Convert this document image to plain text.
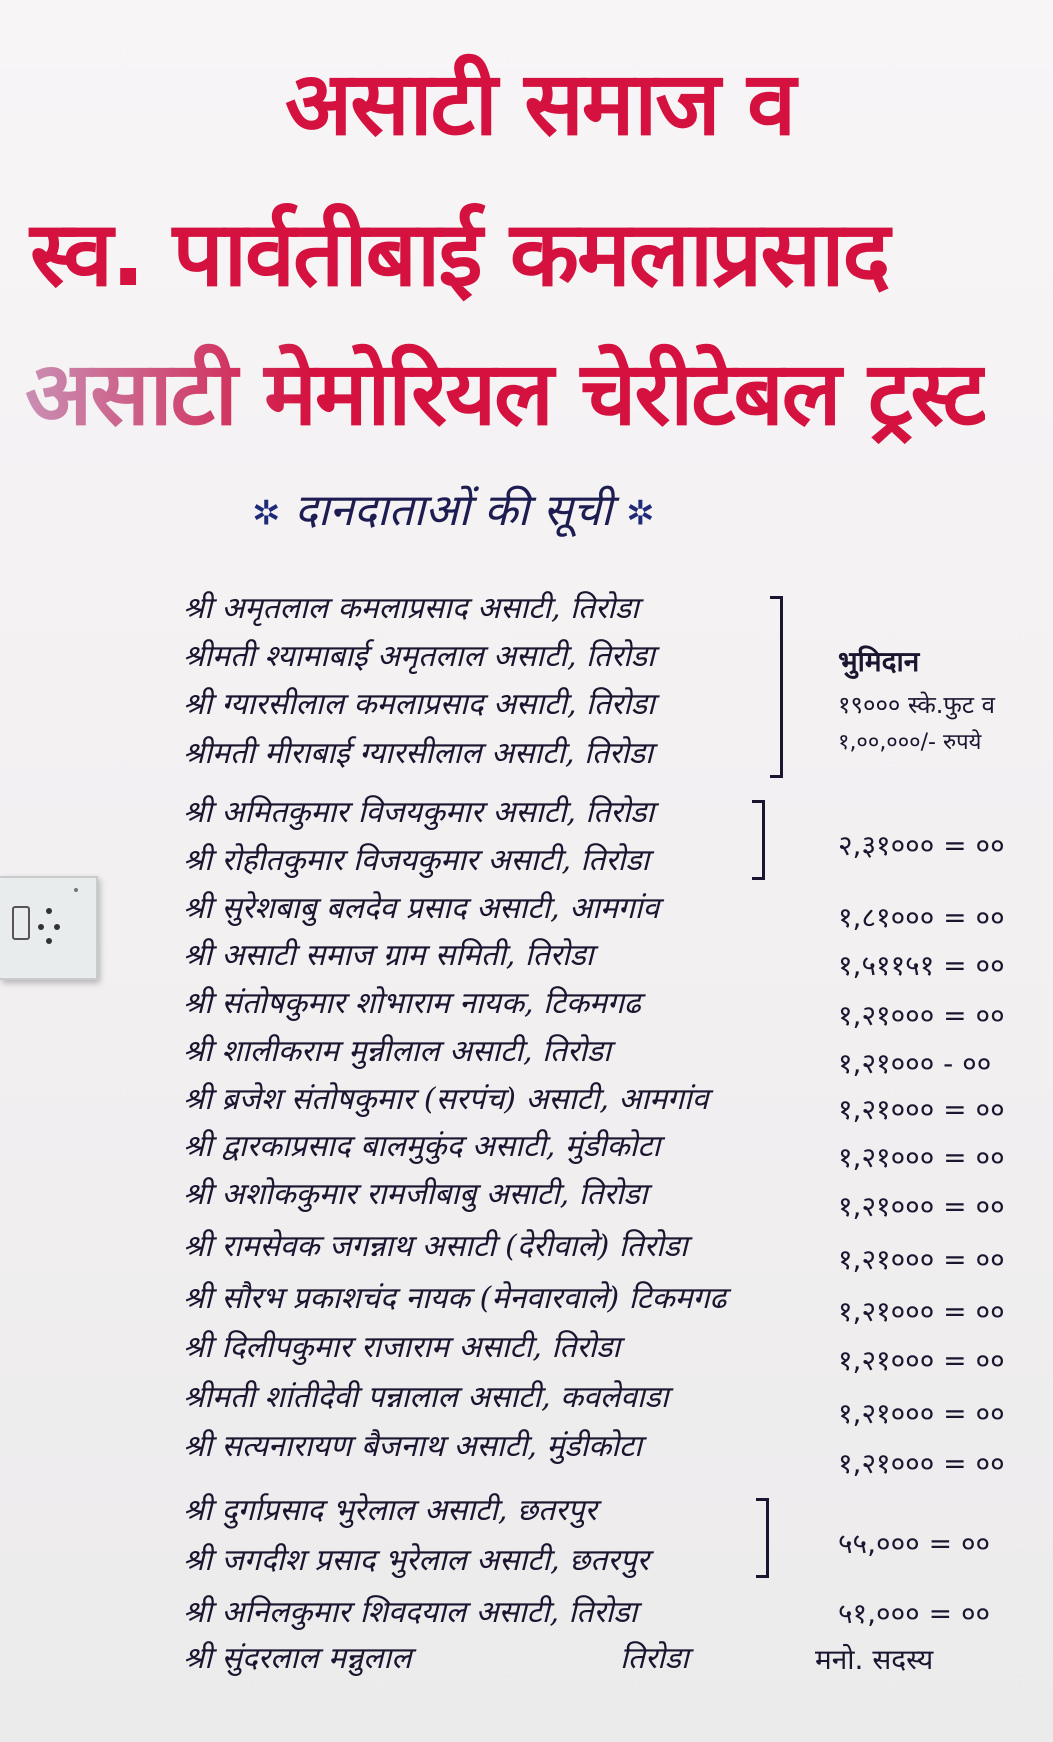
असाटी समाज व
स्व. पार्वतीबाई कमलाप्रसाद
असाटी मेमोरियल चेरीटेबल ट्रस्ट
✲ दानदाताओं की सूची ✲
श्री अमृतलाल कमलाप्रसाद असाटी, तिरोडा
श्रीमती श्यामाबाई अमृतलाल असाटी, तिरोडा
श्री ग्यारसीलाल कमलाप्रसाद असाटी, तिरोडा
श्रीमती मीराबाई ग्यारसीलाल असाटी, तिरोडा
श्री अमितकुमार विजयकुमार असाटी, तिरोडा
श्री रोहीतकुमार विजयकुमार असाटी, तिरोडा
श्री सुरेशबाबु बलदेव प्रसाद असाटी, आमगांव
श्री असाटी समाज ग्राम समिती, तिरोडा
श्री संतोषकुमार शोभाराम नायक, टिकमगढ
श्री शालीकराम मुन्नीलाल असाटी, तिरोडा
श्री ब्रजेश संतोषकुमार (सरपंच) असाटी, आमगांव
श्री द्वारकाप्रसाद बालमुकुंद असाटी, मुंडीकोटा
श्री अशोककुमार रामजीबाबु असाटी, तिरोडा
श्री रामसेवक जगन्नाथ असाटी (देरीवाले) तिरोडा
श्री सौरभ प्रकाशचंद नायक (मेनवारवाले) टिकमगढ
श्री दिलीपकुमार राजाराम असाटी, तिरोडा
श्रीमती शांतीदेवी पन्नालाल असाटी, कवलेवाडा
श्री सत्यनारायण बैजनाथ असाटी, मुंडीकोटा
श्री दुर्गाप्रसाद भुरेलाल असाटी, छतरपुर
श्री जगदीश प्रसाद भुरेलाल असाटी, छतरपुर
श्री अनिलकुमार शिवदयाल असाटी, तिरोडा
श्री सुंदरलाल मन्नुलाल	तिरोडा
भुमिदान
१९००० स्के.फुट व
१,००,०००/- रुपये
२,३१००० = ००
१,८१००० = ००
१,५११५१ = ००
१,२१००० = ००
१,२१००० - ००
१,२१००० = ००
१,२१००० = ००
१,२१००० = ००
१,२१००० = ००
१,२१००० = ००
१,२१००० = ००
१,२१००० = ००
१,२१००० = ००
५५,००० = ००
५१,००० = ००
मनो. सदस्य
